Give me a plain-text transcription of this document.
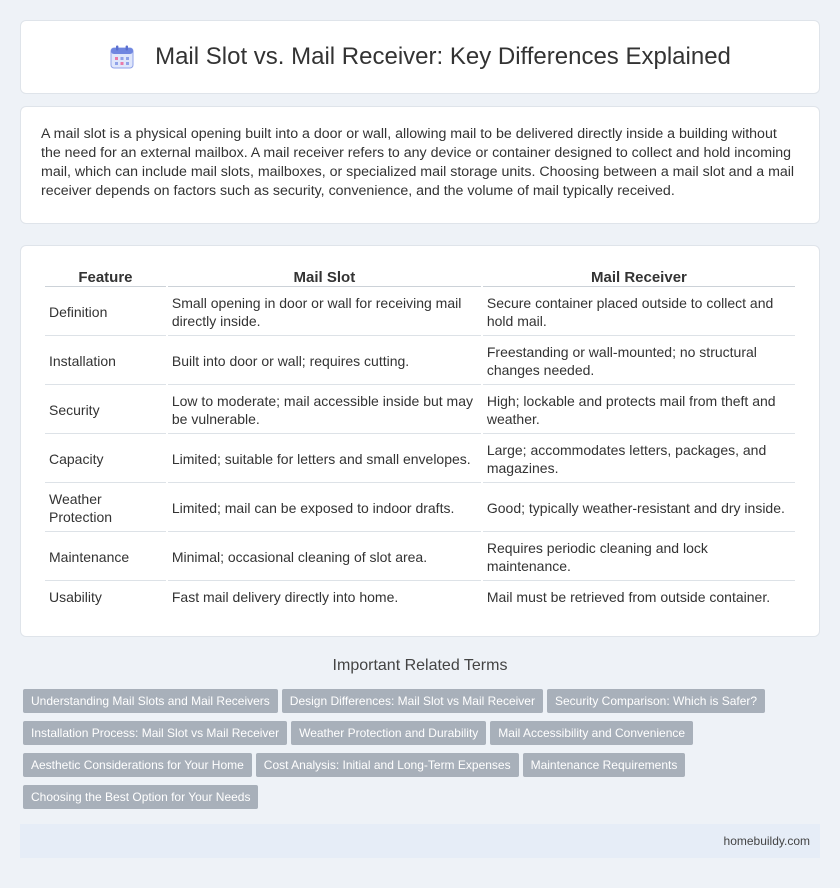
Mail Slot vs. Mail Receiver: Key Differences Explained

A mail slot is a physical opening built into a door or wall, allowing mail to be delivered directly inside a building without the need for an external mailbox. A mail receiver refers to any device or container designed to collect and hold incoming mail, which can include mail slots, mailboxes, or specialized mail storage units. Choosing between a mail slot and a mail receiver depends on factors such as security, convenience, and the volume of mail typically received.

Feature	Mail Slot	Mail Receiver
Definition	Small opening in door or wall for receiving mail directly inside.	Secure container placed outside to collect and hold mail.
Installation	Built into door or wall; requires cutting.	Freestanding or wall-mounted; no structural changes needed.
Security	Low to moderate; mail accessible inside but may be vulnerable.	High; lockable and protects mail from theft and weather.
Capacity	Limited; suitable for letters and small envelopes.	Large; accommodates letters, packages, and magazines.
Weather Protection	Limited; mail can be exposed to indoor drafts.	Good; typically weather-resistant and dry inside.
Maintenance	Minimal; occasional cleaning of slot area.	Requires periodic cleaning and lock maintenance.
Usability	Fast mail delivery directly into home.	Mail must be retrieved from outside container.
Important Related Terms
Understanding Mail Slots and Mail Receivers Design Differences: Mail Slot vs Mail Receiver Security Comparison: Which is Safer?
Installation Process: Mail Slot vs Mail Receiver Weather Protection and Durability Mail Accessibility and Convenience
Aesthetic Considerations for Your Home Cost Analysis: Initial and Long-Term Expenses Maintenance Requirements
Choosing the Best Option for Your Needs
homebuildy.com
